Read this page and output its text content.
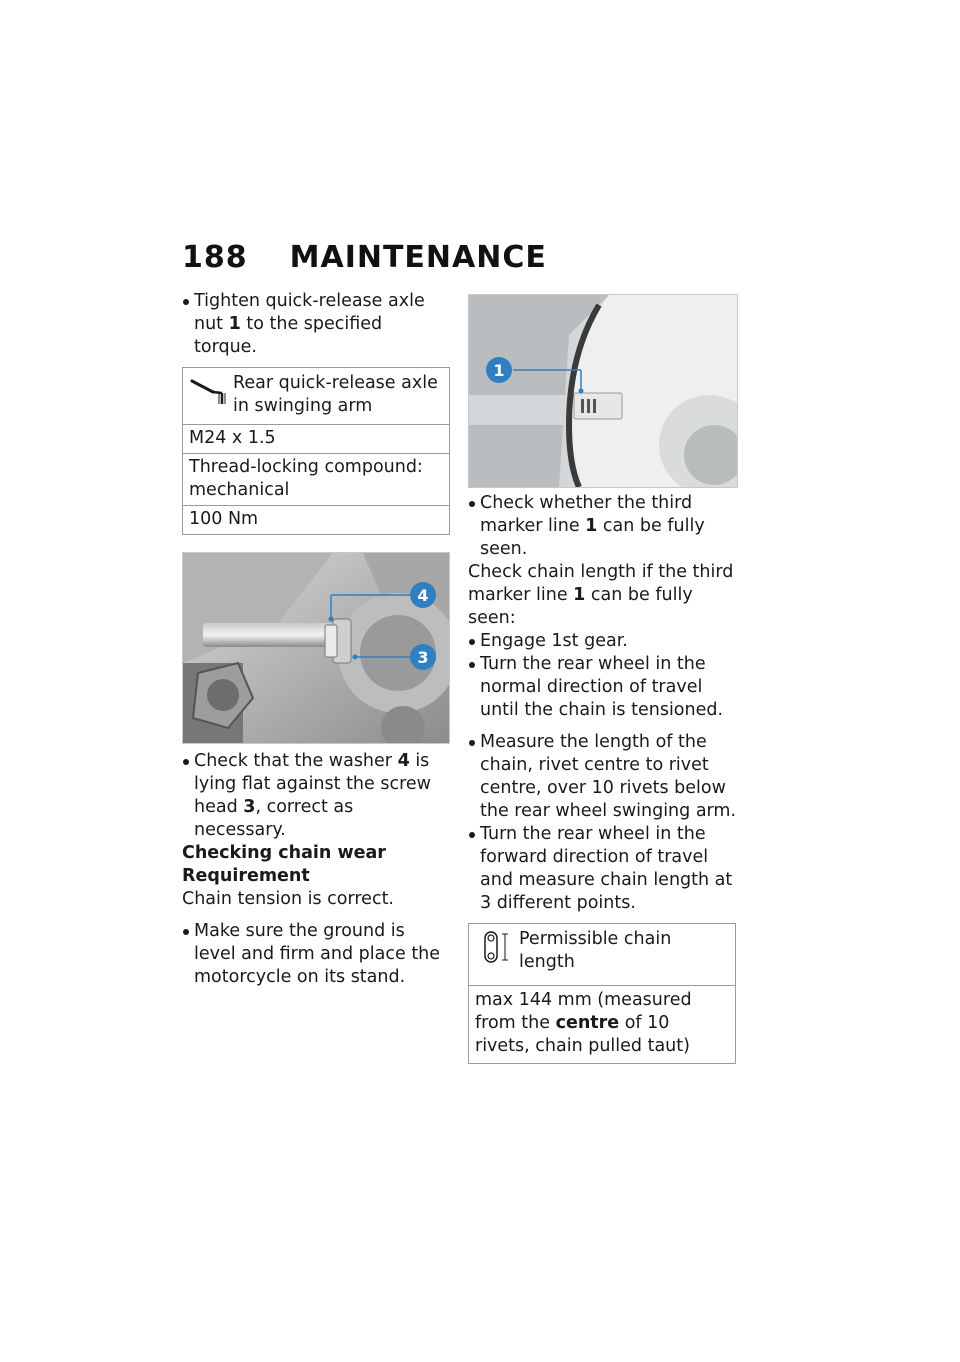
188 MAINTENANCE

Tighten quick-release axle nut 1 to the specified torque.

Rear quick-release axle in swinging arm
M24 x 1.5
Thread-locking compound: mechanical
100 Nm
4
3

Check that the washer 4 is lying flat against the screw head 3, correct as necessary.

Checking chain wear

Requirement

Chain tension is correct.

Make sure the ground is level and firm and place the motorcycle on its stand.

1

Check whether the third marker line 1 can be fully seen.

Check chain length if the third marker line 1 can be fully seen:

Engage 1st gear.

Turn the rear wheel in the normal direction of travel until the chain is tensioned.

Measure the length of the chain, rivet centre to rivet centre, over 10 rivets below the rear wheel swinging arm.

Turn the rear wheel in the forward direction of travel and measure chain length at 3 different points.

Permissible chain length
max 144 mm (measured from the centre of 10 rivets, chain pulled taut)
